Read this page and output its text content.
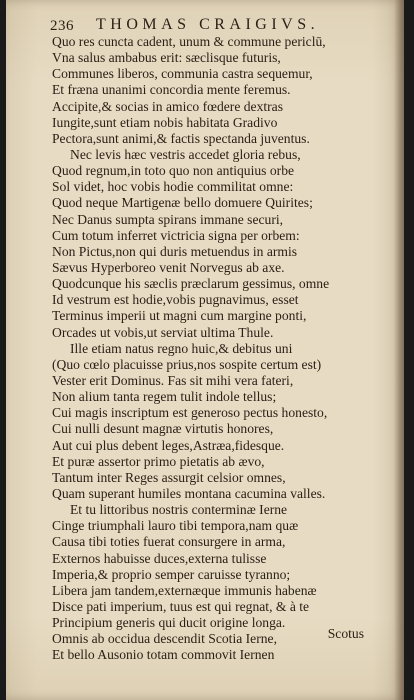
236 THOMAS CRAIGIVS.
Quo res cuncta cadent, unum & commune periclū,
Vna salus ambabus erit: sæclisque futuris,
Communes liberos, communia castra sequemur,
Et fræna unanimi concordia mente feremus.
Accipite,& socias in amico fœdere dextras
Iungite,sunt etiam nobis habitata Gradivo
Pectora,sunt animi,& factis spectanda juventus.
Nec levis hæc vestris accedet gloria rebus,
Quod regnum,in toto quo non antiquius orbe
Sol videt, hoc vobis hodie commilitat omne:
Quod neque Martigenæ bello domuere Quirites;
Nec Danus sumpta spirans immane securi,
Cum totum inferret victricia signa per orbem:
Non Pictus,non qui duris metuendus in armis
Sævus Hyperboreo venit Norvegus ab axe.
Quodcunque his sæclis præclarum gessimus, omne
Id vestrum est hodie,vobis pugnavimus, esset
Terminus imperii ut magni cum margine ponti,
Orcades ut vobis,ut serviat ultima Thule.
Ille etiam natus regno huic,& debitus uni
(Quo cœlo placuisse prius,nos sospite certum est)
Vester erit Dominus. Fas sit mihi vera fateri,
Non alium tanta regem tulit indole tellus;
Cui magis inscriptum est generoso pectus honesto,
Cui nulli desunt magnæ virtutis honores,
Aut cui plus debent leges,Astræa,fidesque.
Et puræ assertor primo pietatis ab ævo,
Tantum inter Reges assurgit celsior omnes,
Quam superant humiles montana cacumina valles.
Et tu littoribus nostris conterminæ Ierne
Cinge triumphali lauro tibi tempora,nam quæ
Causa tibi toties fuerat consurgere in arma,
Externos habuisse duces,externa tulisse
Imperia,& proprio semper caruisse tyranno;
Libera jam tandem,externæque immunis habenæ
Disce pati imperium, tuus est qui regnat, & à te
Principium generis qui ducit origine longa.
Omnis ab occidua descendit Scotia Ierne,
Et bello Ausonio totam commovit Iernen
Scotus
